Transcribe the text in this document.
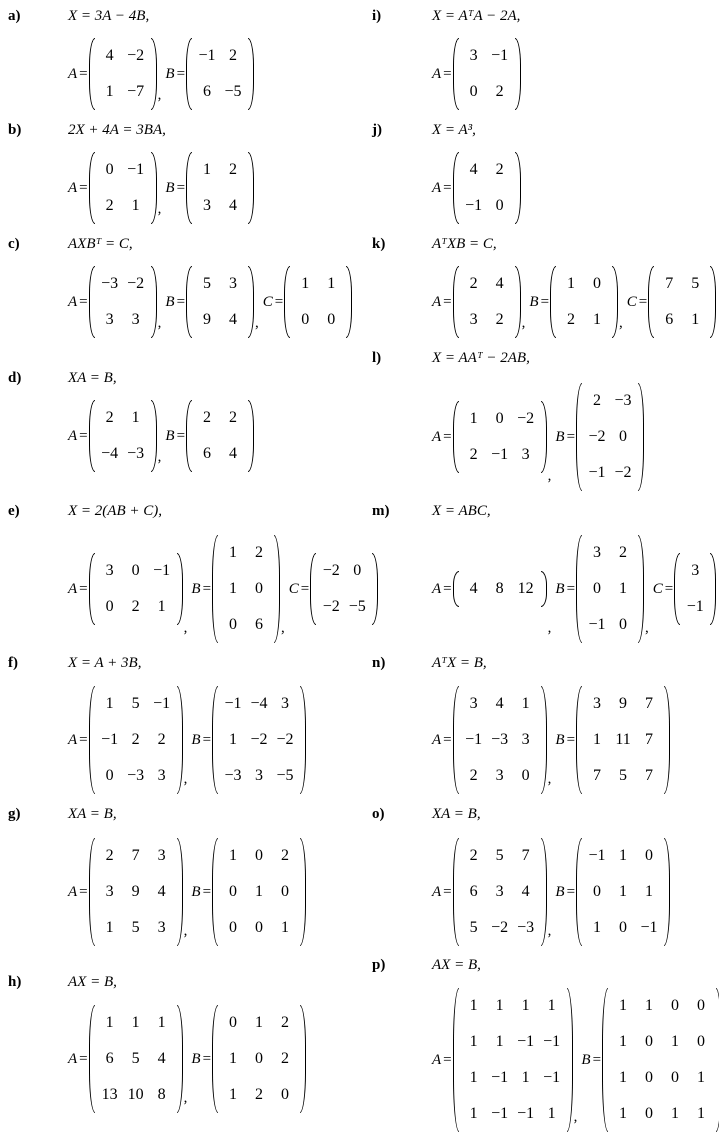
a)	X = 3A − 4B,
A =
4 −2
1 −7 ,
B =
−1 2
6 −5
b)	2X + 4A = 3BA,
A =
0 −1
2	1	,
B =
1	2
3	4
c)	AXBᵀ = C,
A =
−3 −2
3	3	,
B =
5	3
9	4	,
C =
1	1
0	0
d)	XA = B,
A =
2	1
−4 −3 ,
B =
2	2
6	4
e)	X = 2(AB + C),
A =
3	0 −1
0	2	1
,
B =
1	2
1	0
0	6	,
C =
−2 0
−2 −5
f)	X = A + 3B,
A =
1	5 −1
−1 2	2
0 −3 3	,
B =
−1 −4 3
1 −2 −2
−3 3 −5
g)	XA = B,
A =
2	7	3
3	9	4
1	5	3	,
B =
1	0	2
0	1	0
0	0	1
h)	AX = B,
A =
1	1	1
6	5	4
13 10 8	,
B =
0	1	2
1	0	2
1	2	0
i)	X = AᵀA − 2A,
A =
3 −1
0	2
j)	X = A³,
A =
4	2
−1 0
k)	AᵀXB = C,
A =
2	4
3	2	,
B =
1	0
2	1	,
C =
7	5
6	1
l)	X = AAᵀ − 2AB,
A =
1	0 −2
2 −1 3
,
B =
2 −3
−2 0
−1 −2
m)	X = ABC,
A =	4	8 12
,
B =
3	2
0	1
−1 0	,
C =
3
−1
n)	AᵀX = B,
A =
3	4	1
−1 −3 3
2	3	0	,
B =
3	9	7
1 11 7
7	5	7
o)	XA = B,
A =
2	5	7
6	3	4
5 −2 −3 ,
B =
−1 1	0
0	1	1
1	0 −1
p)	AX = B,
A =
1	1	1	1
1	1 −1 −1
1 −1 1 −1
1 −1 −1 1	,
B =
1	1	0	0
1	0	1	0
1	0	0	1
1	0	1	1
